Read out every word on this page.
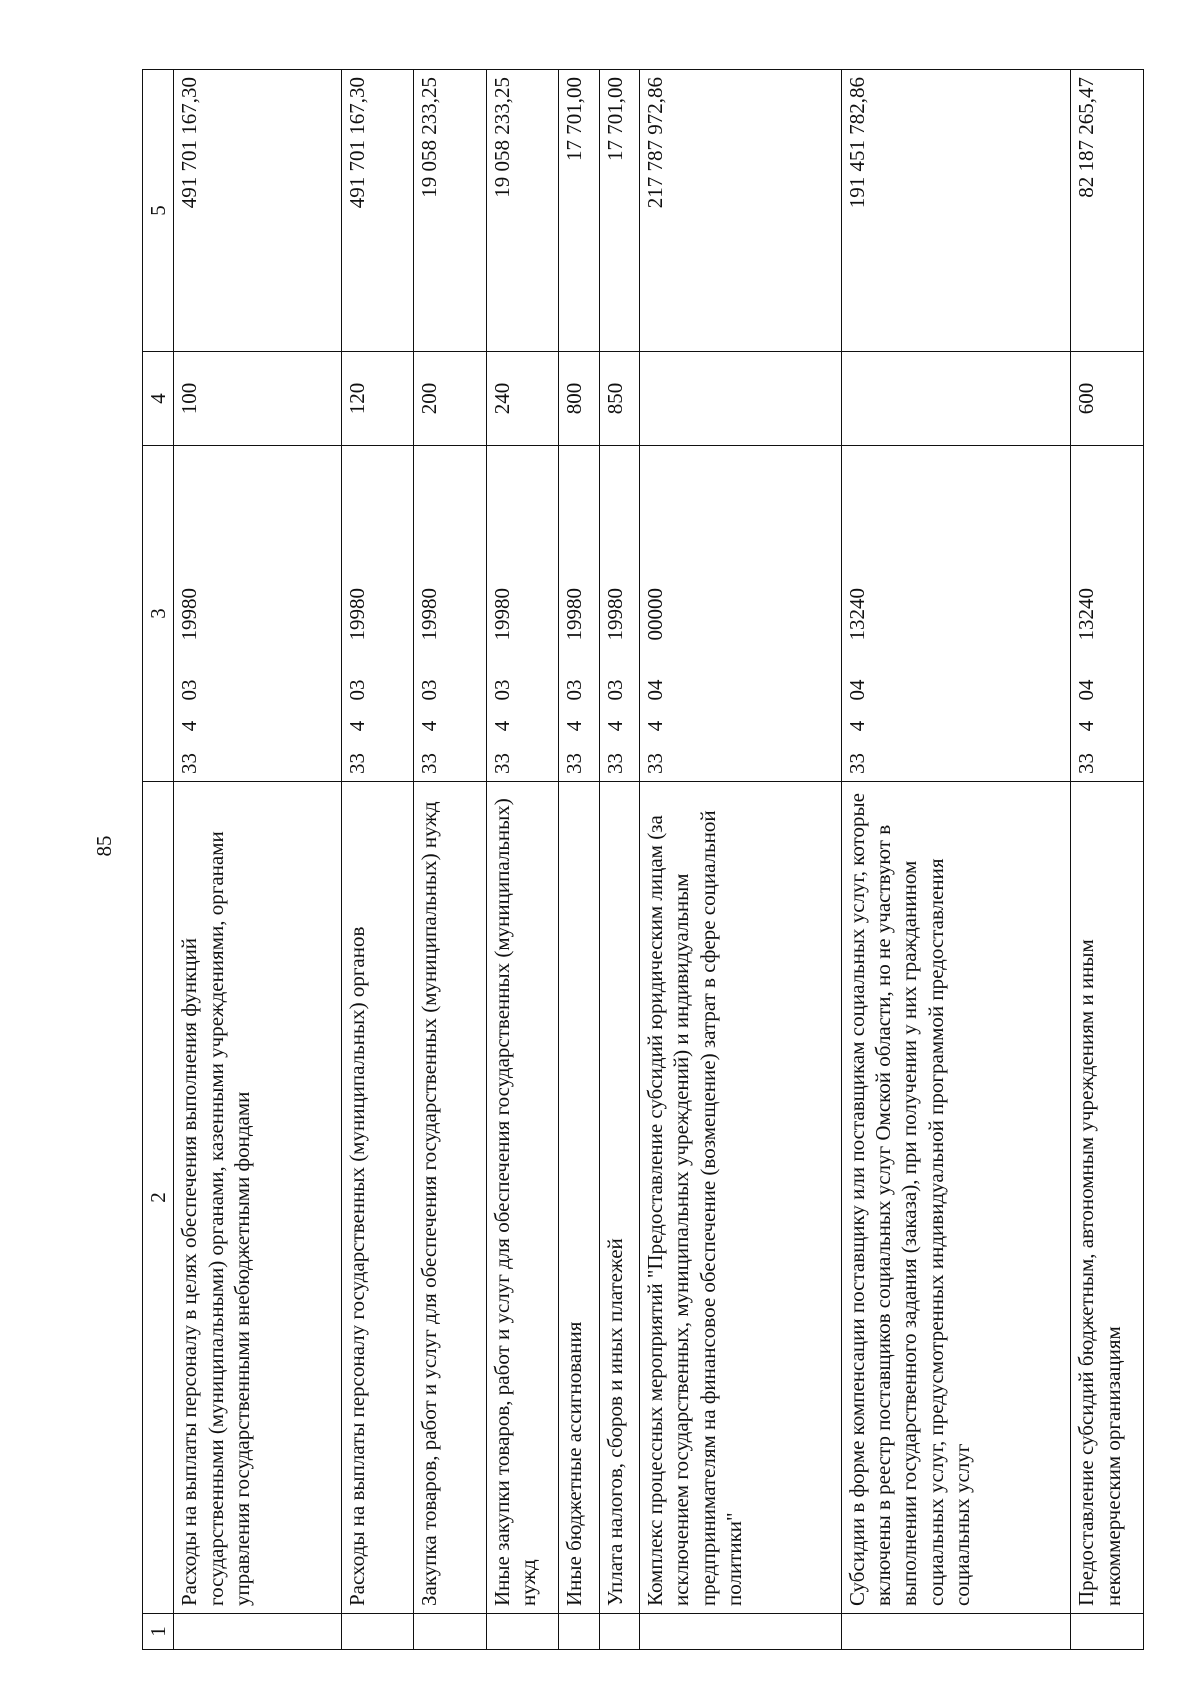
85
1	2	3	4	5
	Расходы на выплаты персоналу в целях обеспечения выполнения функций государственными (муниципальными) органами, казенными учреждениями, органами управления государственными внебюджетными фондами	3340319980	100	491 701 167,30
	Расходы на выплаты персоналу государственных (муниципальных) органов	3340319980	120	491 701 167,30
	Закупка товаров, работ и услуг для обеспечения государственных (муниципальных) нужд	3340319980	200	19 058 233,25
	Иные закупки товаров, работ и услуг для обеспечения государственных (муниципальных) нужд	3340319980	240	19 058 233,25
	Иные бюджетные ассигнования	3340319980	800	17 701,00
	Уплата налогов, сборов и иных платежей	3340319980	850	17 701,00
	Комплекс процессных мероприятий "Предоставление субсидий юридическим лицам (за исключением государственных, муниципальных учреждений) и индивидуальным предпринимателям на финансовое обеспечение (возмещение) затрат в сфере социальной политики"	3340400000		217 787 972,86
	Субсидии в форме компенсации поставщику или поставщикам социальных услуг, которые включены в реестр поставщиков социальных услуг Омской области, но не участвуют в выполнении государственного задания (заказа), при получении у них гражданином социальных услуг, предусмотренных индивидуальной программой предоставления социальных услуг	3340413240		191 451 782,86
	Предоставление субсидий бюджетным, автономным учреждениям и иным некоммерческим организациям	3340413240	600	82 187 265,47
